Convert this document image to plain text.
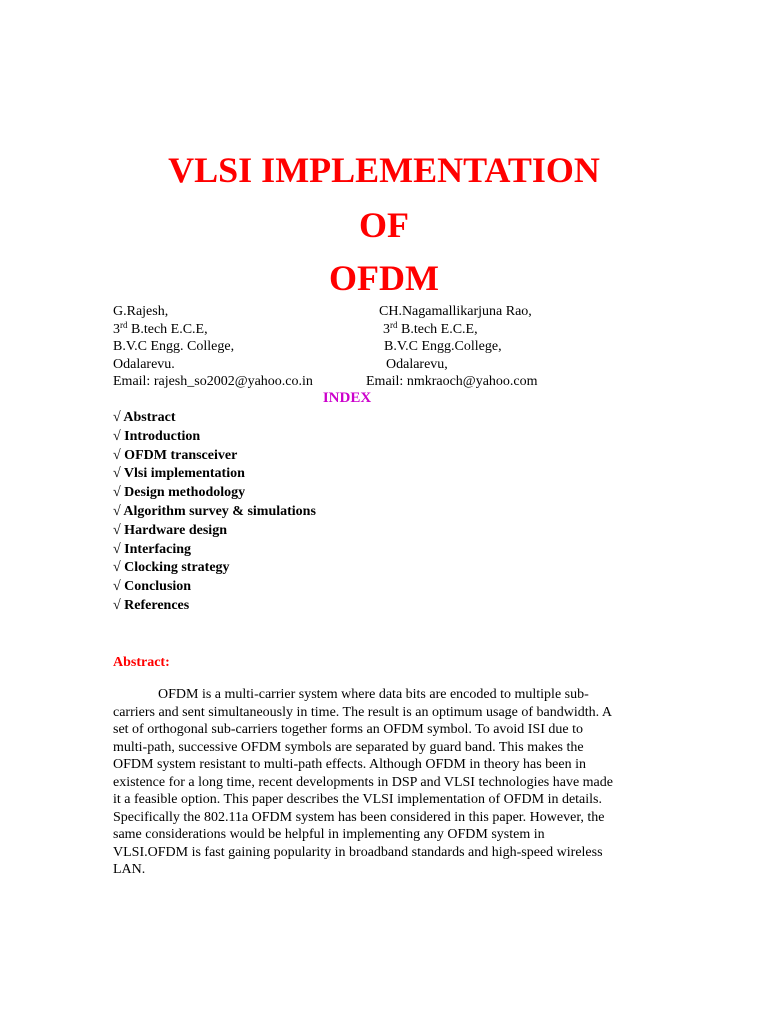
VLSI IMPLEMENTATION
OF
OFDM
G.Rajesh,	CH.Nagamallikarjuna Rao,
3rd B.tech E.C.E,	3rd B.tech E.C.E,
B.V.C Engg. College,	B.V.C Engg.College,
Odalarevu.	Odalarevu,
Email: rajesh_so2002@yahoo.co.in	Email: nmkraoch@yahoo.com
INDEX
√ Abstract
√ Introduction
√ OFDM transceiver
√ Vlsi implementation
√ Design methodology
√ Algorithm survey & simulations
√ Hardware design
√ Interfacing
√ Clocking strategy
√ Conclusion
√ References
Abstract:

OFDM is a multi-carrier system where data bits are encoded to multiple sub-
carriers and sent simultaneously in time. The result is an optimum usage of bandwidth. A
set of orthogonal sub-carriers together forms an OFDM symbol. To avoid ISI due to
multi-path, successive OFDM symbols are separated by guard band. This makes the
OFDM system resistant to multi-path effects. Although OFDM in theory has been in
existence for a long time, recent developments in DSP and VLSI technologies have made
it a feasible option. This paper describes the VLSI implementation of OFDM in details.
Specifically the 802.11a OFDM system has been considered in this paper. However, the
same considerations would be helpful in implementing any OFDM system in
VLSI.OFDM is fast gaining popularity in broadband standards and high-speed wireless
LAN.
